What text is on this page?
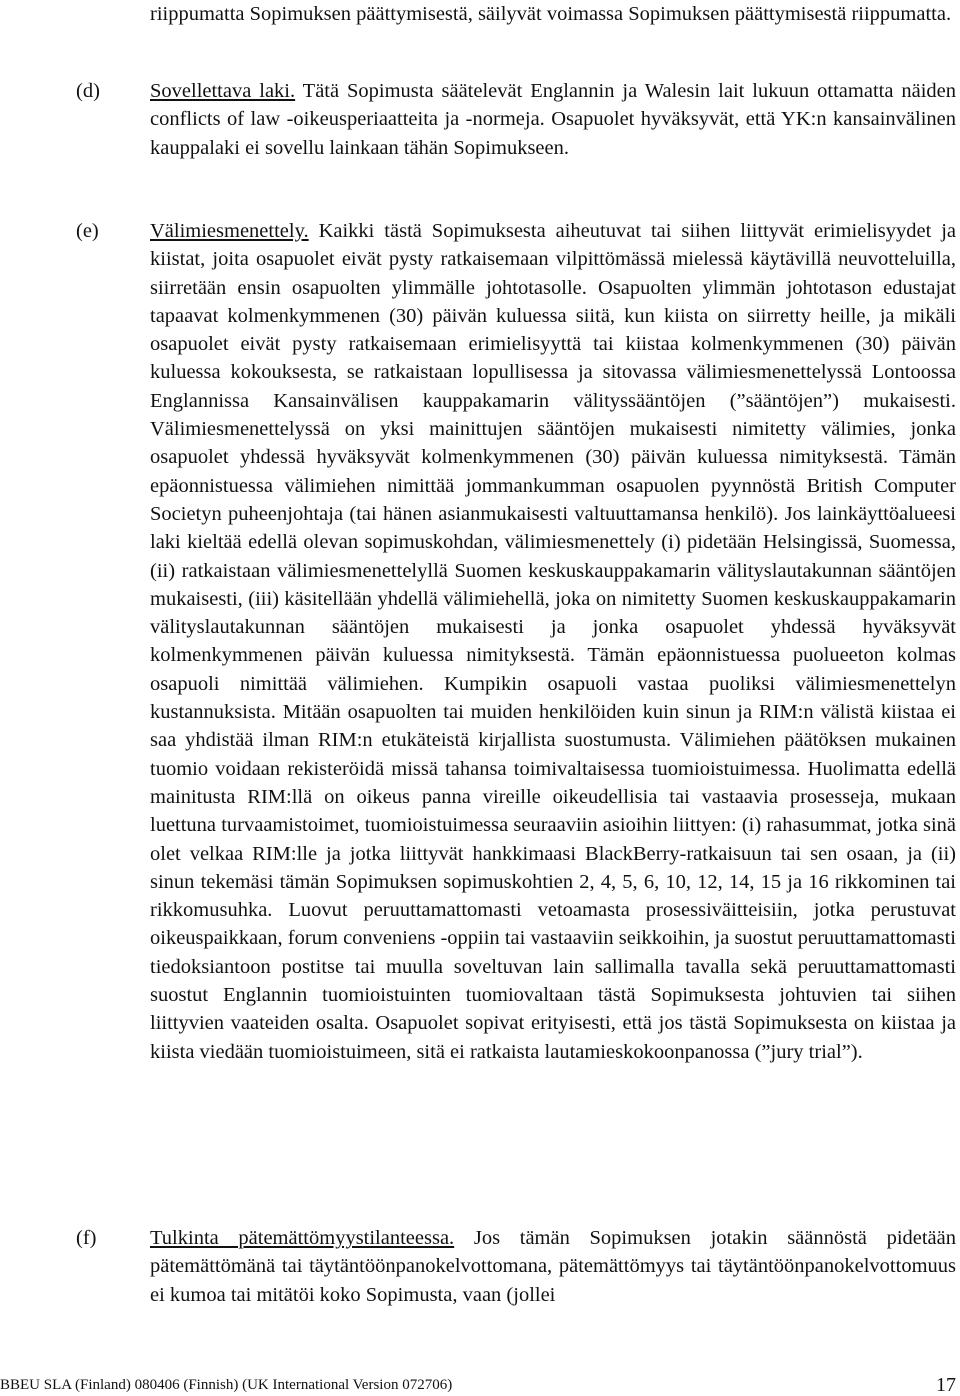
riippumatta Sopimuksen päättymisestä, säilyvät voimassa Sopimuksen päättymisestä riippumatta.

(d)	Sovellettava laki. Tätä Sopimusta säätelevät Englannin ja Walesin lait lukuun ottamatta näiden conflicts of law -oikeusperiaatteita ja -normeja. Osapuolet hyväksyvät, että YK:n kansainvälinen kauppalaki ei sovellu lainkaan tähän Sopimukseen.

(e)	Välimiesmenettely. Kaikki tästä Sopimuksesta aiheutuvat tai siihen liittyvät erimielisyydet ja kiistat, joita osapuolet eivät pysty ratkaisemaan vilpittömässä mielessä käytävillä neuvotteluilla, siirretään ensin osapuolten ylimmälle johtotasolle. Osapuolten ylimmän johtotason edustajat tapaavat kolmenkymmenen (30) päivän kuluessa siitä, kun kiista on siirretty heille, ja mikäli osapuolet eivät pysty ratkaisemaan erimielisyyttä tai kiistaa kolmenkymmenen (30) päivän kuluessa kokouksesta, se ratkaistaan lopullisessa ja sitovassa välimiesmenettelyssä Lontoossa Englannissa Kansainvälisen kauppakamarin välityssääntöjen (”sääntöjen”) mukaisesti. Välimiesmenettelyssä on yksi mainittujen sääntöjen mukaisesti nimitetty välimies, jonka osapuolet yhdessä hyväksyvät kolmenkymmenen (30) päivän kuluessa nimityksestä. Tämän epäonnistuessa välimiehen nimittää jommankumman osapuolen pyynnöstä British Computer Societyn puheenjohtaja (tai hänen asianmukaisesti valtuuttamansa henkilö). Jos lainkäyttöalueesi laki kieltää edellä olevan sopimuskohdan, välimiesmenettely (i) pidetään Helsingissä, Suomessa, (ii) ratkaistaan välimiesmenettelyllä Suomen keskuskauppakamarin välityslautakunnan sääntöjen mukaisesti, (iii) käsitellään yhdellä välimiehellä, joka on nimitetty Suomen keskuskauppakamarin välityslautakunnan sääntöjen mukaisesti ja jonka osapuolet yhdessä hyväksyvät kolmenkymmenen päivän kuluessa nimityksestä. Tämän epäonnistuessa puolueeton kolmas osapuoli nimittää välimiehen. Kumpikin osapuoli vastaa puoliksi välimiesmenettelyn kustannuksista. Mitään osapuolten tai muiden henkilöiden kuin sinun ja RIM:n välistä kiistaa ei saa yhdistää ilman RIM:n etukäteistä kirjallista suostumusta. Välimiehen päätöksen mukainen tuomio voidaan rekisteröidä missä tahansa toimivaltaisessa tuomioistuimessa. Huolimatta edellä mainitusta RIM:llä on oikeus panna vireille oikeudellisia tai vastaavia prosesseja, mukaan luettuna turvaamistoimet, tuomioistuimessa seuraaviin asioihin liittyen: (i) rahasummat, jotka sinä olet velkaa RIM:lle ja jotka liittyvät hankkimaasi BlackBerry-ratkaisuun tai sen osaan, ja (ii) sinun tekemäsi tämän Sopimuksen sopimuskohtien 2, 4, 5, 6, 10, 12, 14, 15 ja 16 rikkominen tai rikkomusuhka. Luovut peruuttamattomasti vetoamasta prosessiväitteisiin, jotka perustuvat oikeuspaikkaan, forum conveniens -oppiin tai vastaaviin seikkoihin, ja suostut peruuttamattomasti tiedoksiantoon postitse tai muulla soveltuvan lain sallimalla tavalla sekä peruuttamattomasti suostut Englannin tuomioistuinten tuomiovaltaan tästä Sopimuksesta johtuvien tai siihen liittyvien vaateiden osalta. Osapuolet sopivat erityisesti, että jos tästä Sopimuksesta on kiistaa ja kiista viedään tuomioistuimeen, sitä ei ratkaista lautamieskokoonpanossa (”jury trial”).

(f)	Tulkinta pätemättömyystilanteessa. Jos tämän Sopimuksen jotakin säännöstä pidetään pätemättömänä tai täytäntöönpanokelvottomana, pätemättömyys tai täytäntöönpanokelvottomuus ei kumoa tai mitätöi koko Sopimusta, vaan (jollei

BBEU SLA (Finland) 080406 (Finnish) (UK International Version 072706)	17
